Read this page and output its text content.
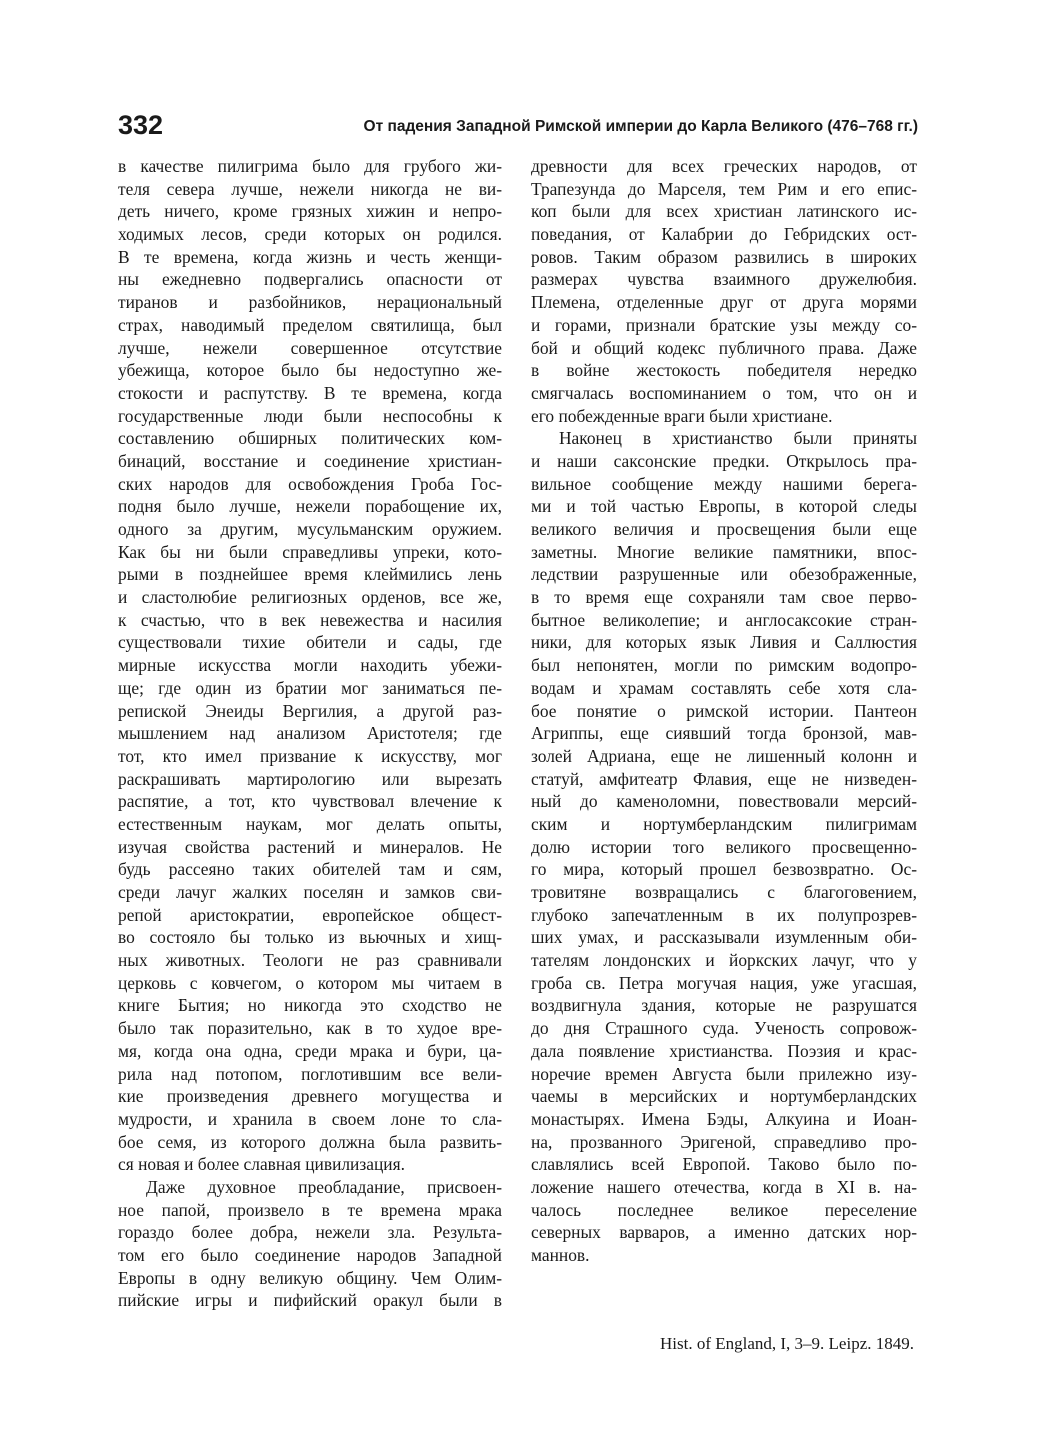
332	От падения Западной Римской империи до Карла Великого (476–768 гг.)
в качестве пилигрима было для грубого жи-
теля севера лучше, нежели никогда не ви-
деть ничего, кроме грязных хижин и непро-
ходимых лесов, среди которых он родился.
В те времена, когда жизнь и честь женщи-
ны ежедневно подвергались опасности от
тиранов и разбойников, нерациональный
страх, наводимый пределом святилища, был
лучше, нежели совершенное отсутствие
убежища, которое было бы недоступно же-
стокости и распутству. В те времена, когда
государственные люди были неспособны к
составлению обширных политических ком-
бинаций, восстание и соединение христиан-
ских народов для освобождения Гроба Гос-
подня было лучше, нежели порабощение их,
одного за другим, мусульманским оружием.
Как бы ни были справедливы упреки, кото-
рыми в позднейшее время клеймились лень
и сластолюбие религиозных орденов, все же,
к счастью, что в век невежества и насилия
существовали тихие обители и сады, где
мирные искусства могли находить убежи-
ще; где один из братии мог заниматься пе-
репиской Энеиды Вергилия, а другой раз-
мышлением над анализом Аристотеля; где
тот, кто имел призвание к искусству, мог
раскрашивать мартирологию или вырезать
распятие, а тот, кто чувствовал влечение к
естественным наукам, мог делать опыты,
изучая свойства растений и минералов. Не
будь рассеяно таких обителей там и сям,
среди лачуг жалких поселян и замков сви-
репой аристократии, европейское общест-
во состояло бы только из вьючных и хищ-
ных животных. Теологи не раз сравнивали
церковь с ковчегом, о котором мы читаем в
книге Бытия; но никогда это сходство не
было так поразительно, как в то худое вре-
мя, когда она одна, среди мрака и бури, ца-
рила над потопом, поглотившим все вели-
кие произведения древнего могущества и
мудрости, и хранила в своем лоне то сла-
бое семя, из которого должна была развить-
ся новая и более славная цивилизация.
Даже духовное преобладание, присвоен-
ное папой, произвело в те времена мрака
гораздо более добра, нежели зла. Результа-
том его было соединение народов Западной
Европы в одну великую общину. Чем Олим-
пийские игры и пифийский оракул были в
древности для всех греческих народов, от
Трапезунда до Марселя, тем Рим и его епис-
коп были для всех христиан латинского ис-
поведания, от Калабрии до Гебридских ост-
ровов. Таким образом развились в широких
размерах чувства взаимного дружелюбия.
Племена, отделенные друг от друга морями
и горами, признали братские узы между со-
бой и общий кодекс публичного права. Даже
в войне жестокость победителя нередко
смягчалась воспоминанием о том, что он и
его побежденные враги были христиане.
Наконец в христианство были приняты
и наши саксонские предки. Открылось пра-
вильное сообщение между нашими берега-
ми и той частью Европы, в которой следы
великого величия и просвещения были еще
заметны. Многие великие памятники, впос-
ледствии разрушенные или обезображенные,
в то время еще сохраняли там свое перво-
бытное великолепие; и англосаксокие стран-
ники, для которых язык Ливия и Саллюстия
был непонятен, могли по римским водопро-
водам и храмам составлять себе хотя сла-
бое понятие о римской истории. Пантеон
Агриппы, еще сиявший тогда бронзой, мав-
золей Адриана, еще не лишенный колонн и
статуй, амфитеатр Флавия, еще не низведен-
ный до каменоломни, повествовали мерсий-
ским и нортумберландским пилигримам
долю истории того великого просвещенно-
го мира, который прошел безвозвратно. Ос-
тровитяне возвращались с благоговением,
глубоко запечатленным в их полупрозрев-
ших умах, и рассказывали изумленным оби-
тателям лондонских и йоркских лачуг, что у
гроба св. Петра могучая нация, уже угасшая,
воздвигнула здания, которые не разрушатся
до дня Страшного суда. Ученость сопровож-
дала появление христианства. Поэзия и крас-
норечие времен Августа были прилежно изу-
чаемы в мерсийских и нортумберландских
монастырях. Имена Бэды, Алкуина и Иоан-
на, прозванного Эригеной, справедливо про-
славлялись всей Европой. Таково было по-
ложение нашего отечества, когда в XI в. на-
чалось последнее великое переселение
северных варваров, а именно датских нор-
маннов.
Hist. of England, I, 3–9. Leipz. 1849.
